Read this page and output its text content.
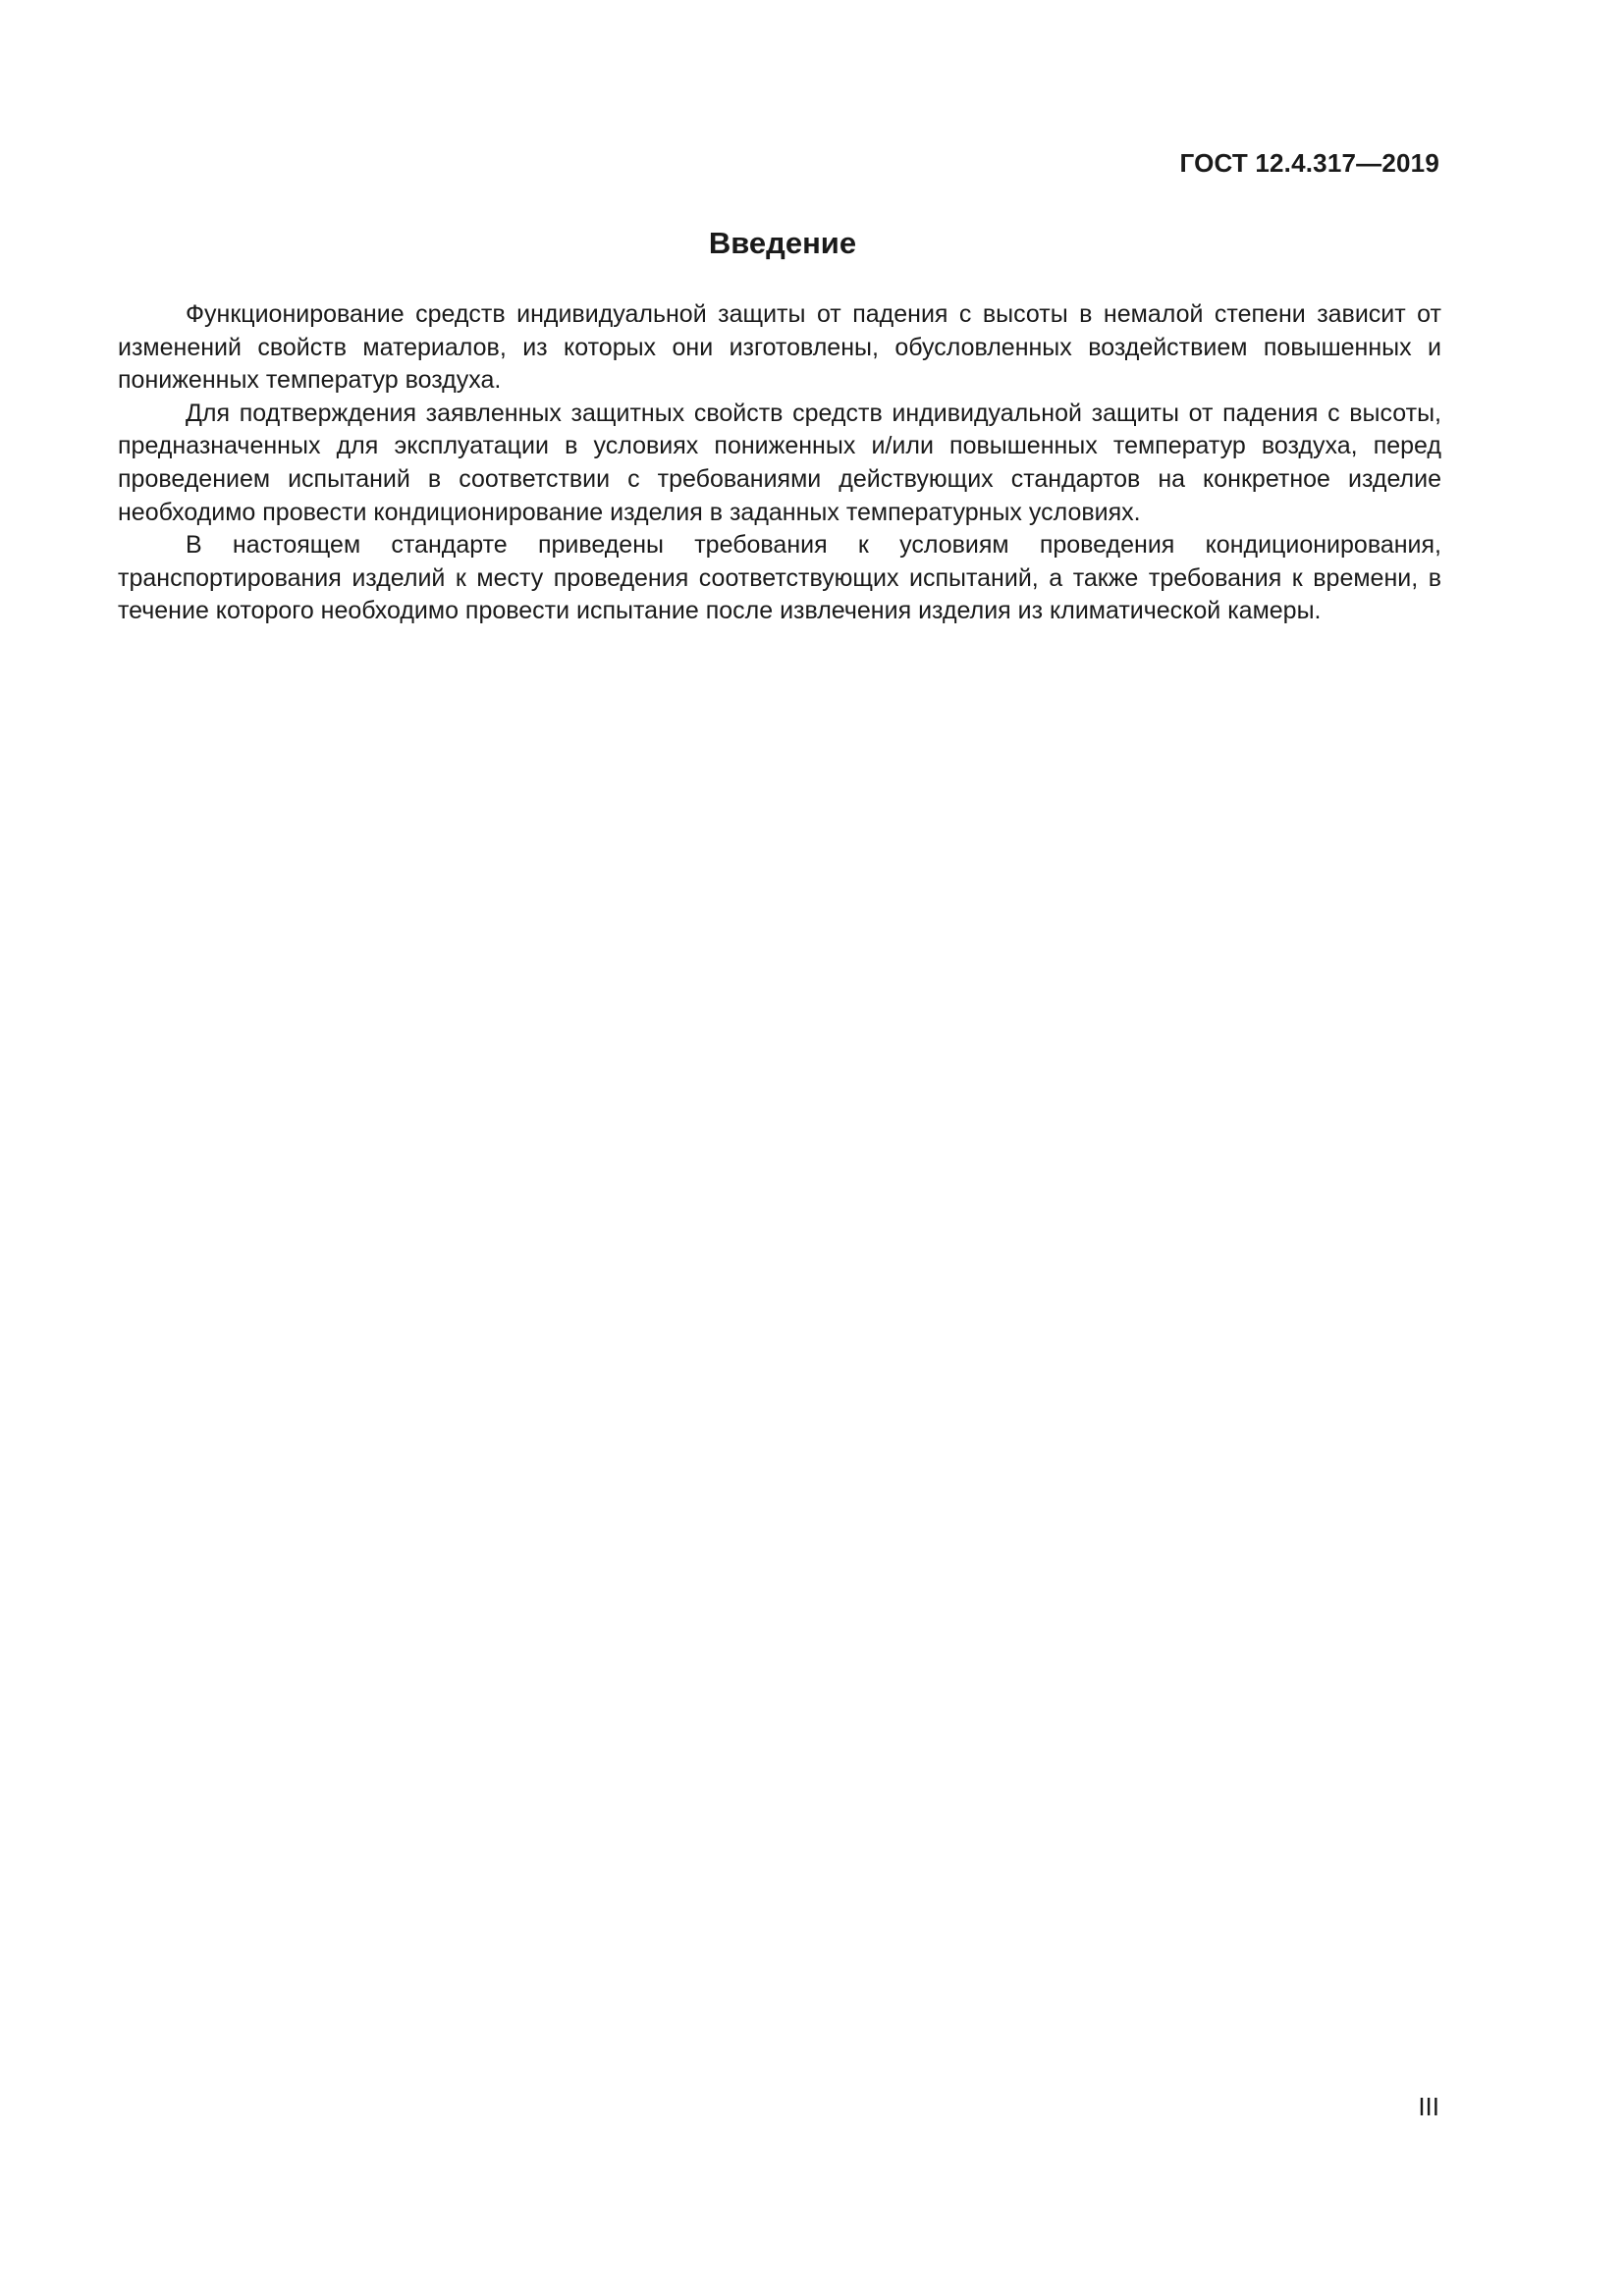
ГОСТ 12.4.317—2019
Введение

Функционирование средств индивидуальной защиты от падения с высоты в немалой степени зависит от изменений свойств материалов, из которых они изготовлены, обусловленных воздействием повышенных и пониженных температур воздуха.

Для подтверждения заявленных защитных свойств средств индивидуальной защиты от падения с высоты, предназначенных для эксплуатации в условиях пониженных и/или повышенных температур воздуха, перед проведением испытаний в соответствии с требованиями действующих стандартов на конкретное изделие необходимо провести кондиционирование изделия в заданных температурных условиях.

В настоящем стандарте приведены требования к условиям проведения кондиционирования, транспортирования изделий к месту проведения соответствующих испытаний, а также требования к времени, в течение которого необходимо провести испытание после извлечения изделия из климатической камеры.

III
